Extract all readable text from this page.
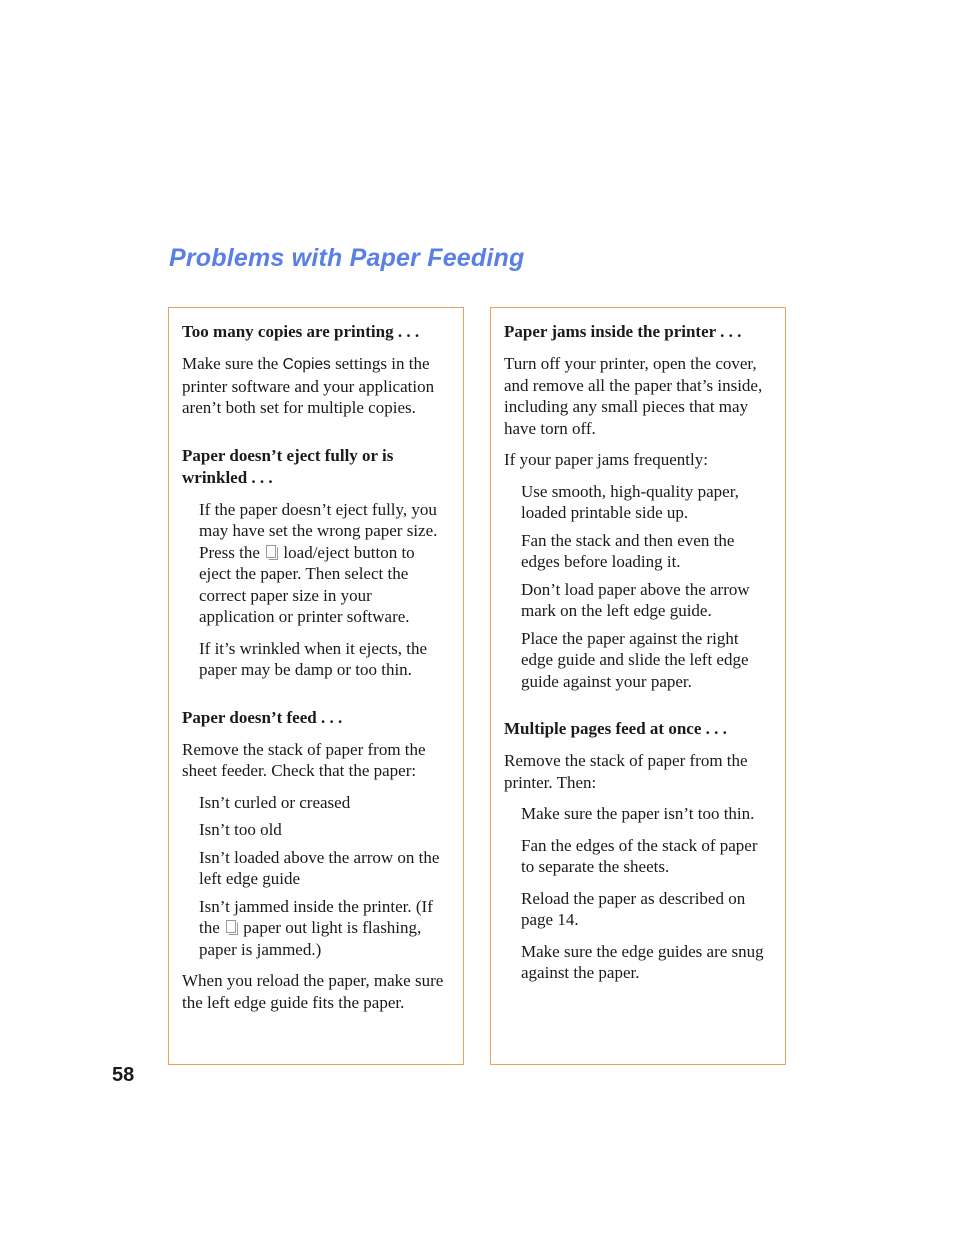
Problems with Paper Feeding

Too many copies are printing . . .

Make sure the Copies settings in the printer software and your application aren’t both set for multiple copies.

Paper doesn’t eject fully or is wrinkled . . .

If the paper doesn’t eject fully, you may have set the wrong paper size. Press the  load/eject button to eject the paper. Then select the correct paper size in your application or printer software.

If it’s wrinkled when it ejects, the paper may be damp or too thin.

Paper doesn’t feed . . .

Remove the stack of paper from the sheet feeder. Check that the paper:

Isn’t curled or creased

Isn’t too old

Isn’t loaded above the arrow on the left edge guide

Isn’t jammed inside the printer. (If the  paper out light is flashing, paper is jammed.)

When you reload the paper, make sure the left edge guide fits the paper.

Paper jams inside the printer . . .

Turn off your printer, open the cover, and remove all the paper that’s inside, including any small pieces that may have torn off.

If your paper jams frequently:

Use smooth, high-quality paper, loaded printable side up.

Fan the stack and then even the edges before loading it.

Don’t load paper above the arrow mark on the left edge guide.

Place the paper against the right edge guide and slide the left edge guide against your paper.

Multiple pages feed at once . . .

Remove the stack of paper from the printer. Then:

Make sure the paper isn’t too thin.

Fan the edges of the stack of paper to separate the sheets.

Reload the paper as described on page 14.

Make sure the edge guides are snug against the paper.

58
